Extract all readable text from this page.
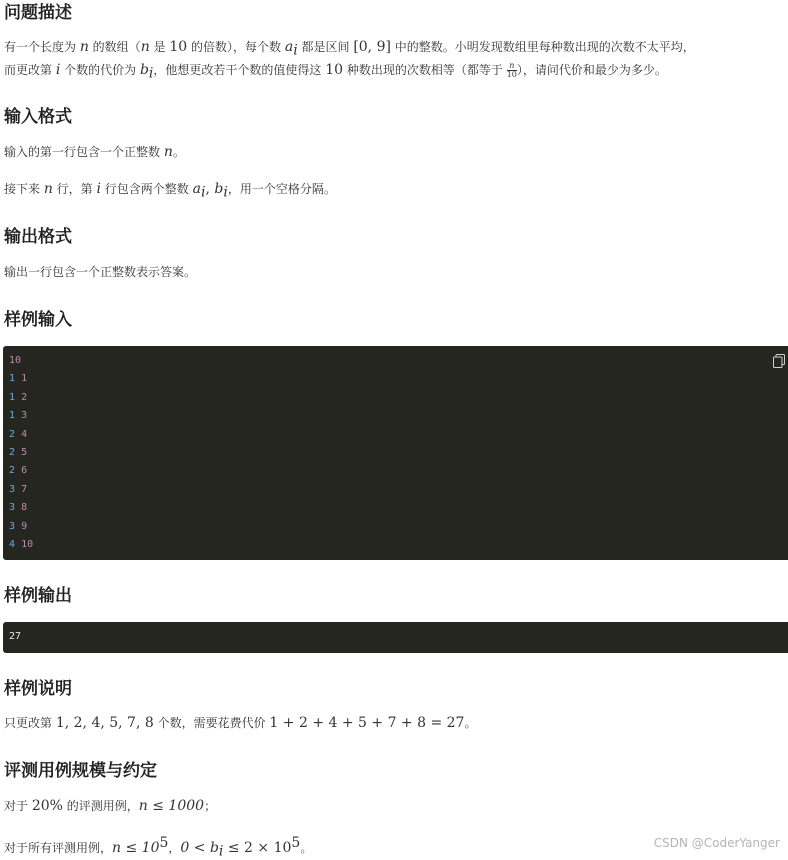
问题描述

有一个长度为 n 的数组（n 是 10 的倍数），每个数 $a_i$ 都是区间 [0, 9] 中的整数。小明发现数组里每种数出现的次数不太平均，

而更改第 i 个数的代价为 $b_i$，他想更改若干个数的值使得这 10 种数出现的次数相等（都等于 $\frac{n}{10}$ ），请问代价和最少为多少。

输入格式

输入的第一行包含一个正整数 n。

接下来 n 行，第 i 行包含两个整数 $a_i$, $b_i$，用一个空格分隔。

输出格式

输出一行包含一个正整数表示答案。

样例输入
10
1 1
1 2
1 3
2 4
2 5
2 6
3 7
3 8
3 9
4 10
样例输出
27
样例说明

只更改第 1, 2, 4, 5, 7, 8 个数，需要花费代价 1 + 2 + 4 + 5 + 7 + 8 = 27。

评测用例规模与约定

对于 20% 的评测用例，n ≤ 1000；

对于所有评测用例，$n \le 10^5$，$0 < b_i \le 2 \times 10^5$。	CSDN @CoderYanger
